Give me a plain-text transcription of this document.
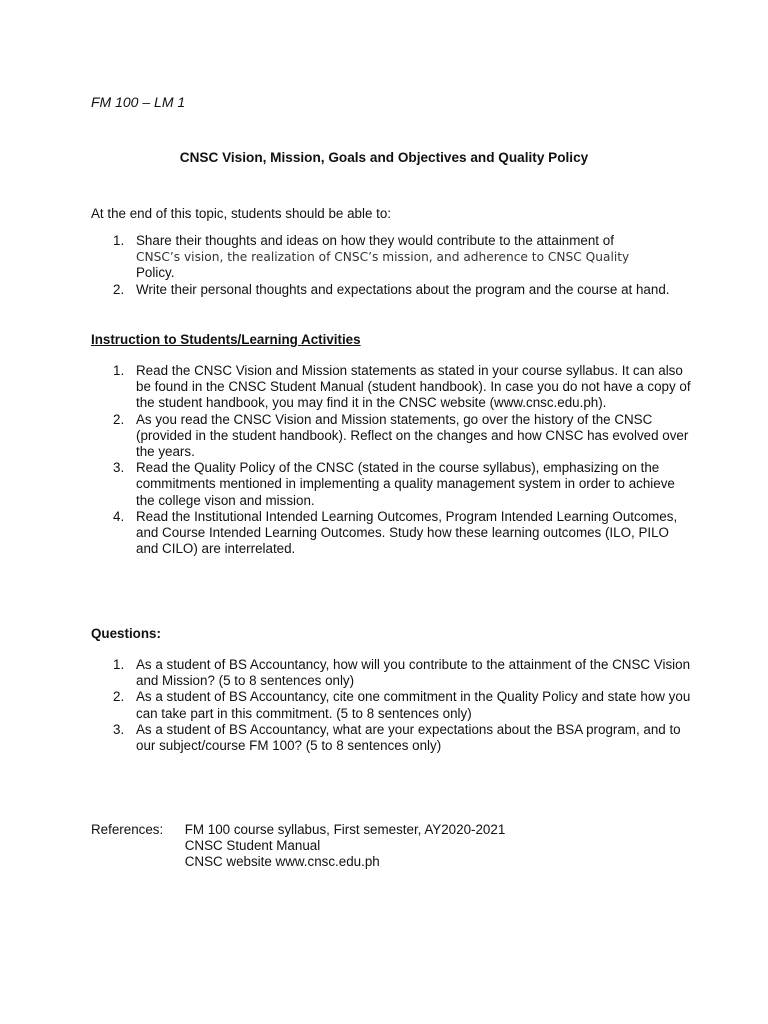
FM 100 – LM 1
CNSC Vision, Mission, Goals and Objectives and Quality Policy
At the end of this topic, students should be able to:
1. Share their thoughts and ideas on how they would contribute to the attainment of
CNSC’s vision, the realization of CNSC’s mission, and adherence to CNSC Quality
Policy.
2. Write their personal thoughts and expectations about the program and the course at hand.
Instruction to Students/Learning Activities
1. Read the CNSC Vision and Mission statements as stated in your course syllabus. It can also be found in the CNSC Student Manual (student handbook). In case you do not have a copy of the student handbook, you may find it in the CNSC website (www.cnsc.edu.ph).
2. As you read the CNSC Vision and Mission statements, go over the history of the CNSC (provided in the student handbook). Reflect on the changes and how CNSC has evolved over the years.
3. Read the Quality Policy of the CNSC (stated in the course syllabus), emphasizing on the commitments mentioned in implementing a quality management system in order to achieve the college vison and mission.
4. Read the Institutional Intended Learning Outcomes, Program Intended Learning Outcomes, and Course Intended Learning Outcomes. Study how these learning outcomes (ILO, PILO and CILO) are interrelated.
Questions:
1. As a student of BS Accountancy, how will you contribute to the attainment of the CNSC Vision and Mission? (5 to 8 sentences only)
2. As a student of BS Accountancy, cite one commitment in the Quality Policy and state how you can take part in this commitment. (5 to 8 sentences only)
3. As a student of BS Accountancy, what are your expectations about the BSA program, and to our subject/course FM 100? (5 to 8 sentences only)
References: FM 100 course syllabus, First semester, AY2020-2021
CNSC Student Manual
CNSC website www.cnsc.edu.ph
